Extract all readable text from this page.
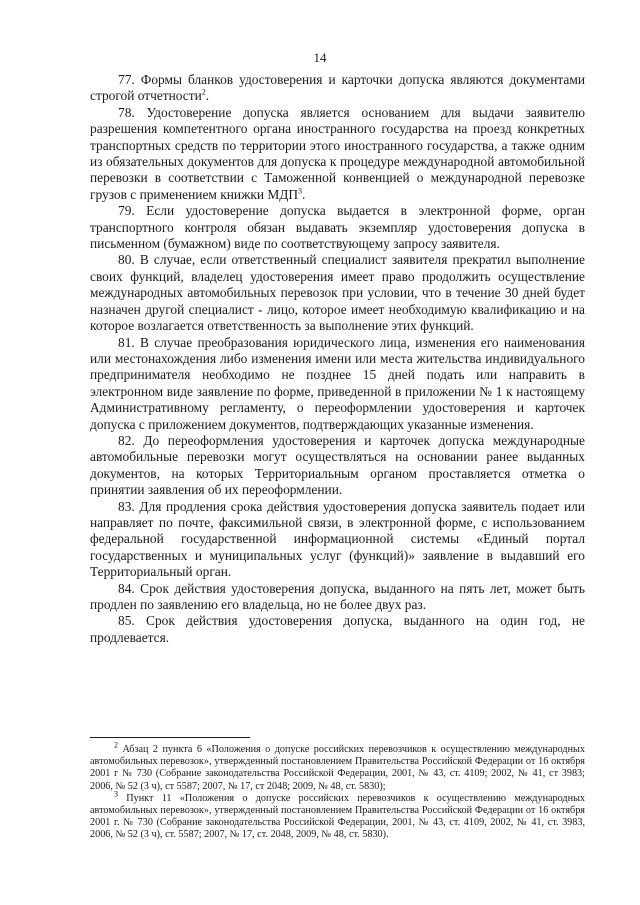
14

77. Формы бланков удостоверения и карточки допуска являются документами строгой отчетности$^2$.

78. Удостоверение допуска является основанием для выдачи заявителю разрешения компетентного органа иностранного государства на проезд конкретных транспортных средств по территории этого иностранного государства, а также одним из обязательных документов для допуска к процедуре международной автомобильной перевозки в соответствии с Таможенной конвенцией о международной перевозке грузов с применением книжки МДП$^3$.

79. Если удостоверение допуска выдается в электронной форме, орган транспортного контроля обязан выдавать экземпляр удостоверения допуска в письменном (бумажном) виде по соответствующему запросу заявителя.

80. В случае, если ответственный специалист заявителя прекратил выполнение своих функций, владелец удостоверения имеет право продолжить осуществление международных автомобильных перевозок при условии, что в течение 30 дней будет назначен другой специалист - лицо, которое имеет необходимую квалификацию и на которое возлагается ответственность за выполнение этих функций.

81. В случае преобразования юридического лица, изменения его наименования или местонахождения либо изменения имени или места жительства индивидуального предпринимателя необходимо не позднее 15 дней подать или направить в электронном виде заявление по форме, приведенной в приложении № 1 к настоящему Административному регламенту, о переоформлении удостоверения и карточек допуска с приложением документов, подтверждающих указанные изменения.

82. До переоформления удостоверения и карточек допуска международные автомобильные перевозки могут осуществляться на основании ранее выданных документов, на которых Территориальным органом проставляется отметка о принятии заявления об их переоформлении.

83. Для продления срока действия удостоверения допуска заявитель подает или направляет по почте, факсимильной связи, в электронной форме, с использованием федеральной государственной информационной системы «Единый портал государственных и муниципальных услуг (функций)» заявление в выдавший его Территориальный орган.

84. Срок действия удостоверения допуска, выданного на пять лет, может быть продлен по заявлению его владельца, но не более двух раз.

85. Срок действия удостоверения допуска, выданного на один год, не продлевается.

$^2$ Абзац 2 пункта 6 «Положения о допуске российских перевозчиков к осуществлению международных автомобильных перевозок», утвержденный постановлением Правительства Российской Федерации от 16 октября 2001 г № 730 (Собрание законодательства Российской Федерации, 2001, № 43, ст. 4109; 2002, № 41, ст 3983; 2006, № 52 (3 ч), ст 5587; 2007, № 17, ст 2048; 2009, № 48, ст. 5830);

$^3$ Пункт 11 «Положения о допуске российских перевозчиков к осуществлению международных автомобильных перевозок», утвержденный постановлением Правительства Российской Федерации от 16 октября 2001 г. № 730 (Собрание законодательства Российской Федерации, 2001, № 43, ст. 4109, 2002, № 41, ст. 3983, 2006, № 52 (3 ч), ст. 5587; 2007, № 17, ст. 2048, 2009, № 48, ст. 5830).
